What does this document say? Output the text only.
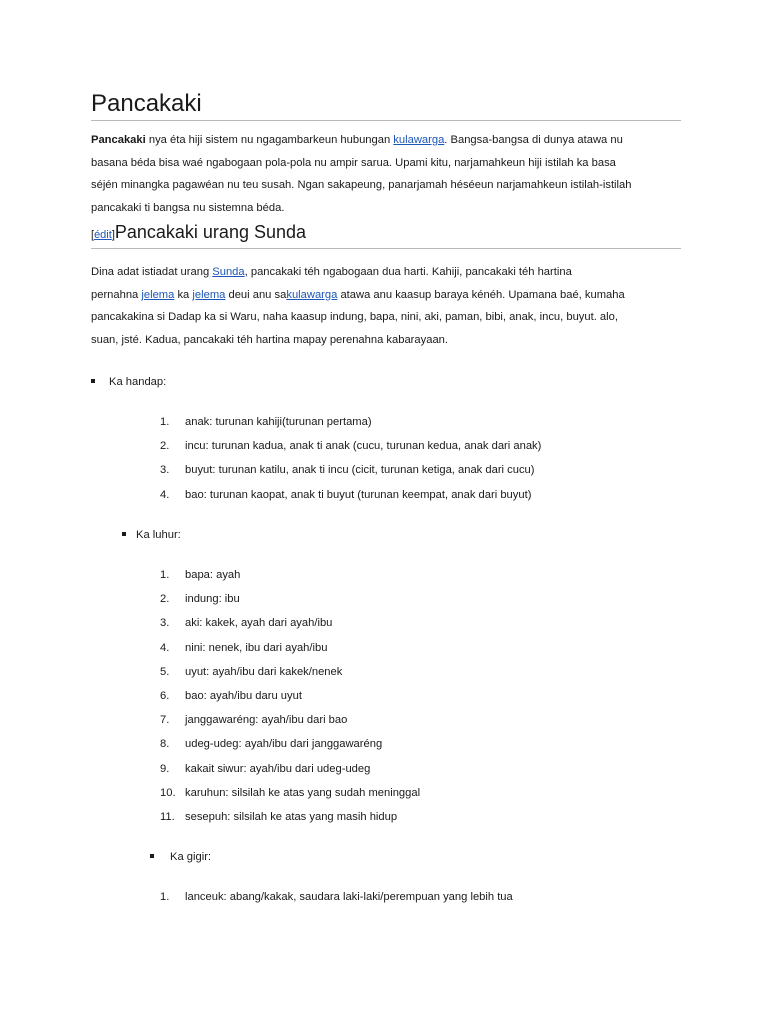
Pancakaki
Pancakaki nya éta hiji sistem nu ngagambarkeun hubungan kulawarga. Bangsa-bangsa di dunya atawa nu
basana béda bisa waé ngabogaan pola-pola nu ampir sarua. Upami kitu, narjamahkeun hiji istilah ka basa
séjén minangka pagawéan nu teu susah. Ngan sakapeung, panarjamah héséeun narjamahkeun istilah-istilah
pancakaki ti bangsa nu sistemna béda.
[édit]Pancakaki urang Sunda
Dina adat istiadat urang Sunda, pancakaki téh ngabogaan dua harti. Kahiji, pancakaki téh hartina
pernahna jelema ka jelema deui anu sakulawarga atawa anu kaasup baraya kénéh. Upamana baé, kumaha
pancakakina si Dadap ka si Waru, naha kaasup indung, bapa, nini, aki, paman, bibi, anak, incu, buyut. alo,
suan, jsté. Kadua, pancakaki téh hartina mapay perenahna kabarayaan.
Ka handap:
1.	anak: turunan kahiji(turunan pertama)
2.	incu: turunan kadua, anak ti anak (cucu, turunan kedua, anak dari anak)
3.	buyut: turunan katilu, anak ti incu (cicit, turunan ketiga, anak dari cucu)
4.	bao: turunan kaopat, anak ti buyut (turunan keempat, anak dari buyut)
Ka luhur:
1.	bapa: ayah
2.	indung: ibu
3.	aki: kakek, ayah dari ayah/ibu
4.	nini: nenek, ibu dari ayah/ibu
5.	uyut: ayah/ibu dari kakek/nenek
6.	bao: ayah/ibu daru uyut
7.	janggawaréng: ayah/ibu dari bao
8.	udeg-udeg: ayah/ibu dari janggawaréng
9.	kakait siwur: ayah/ibu dari udeg-udeg
10. karuhun: silsilah ke atas yang sudah meninggal
11. sesepuh: silsilah ke atas yang masih hidup
Ka gigir:
1.	lanceuk: abang/kakak, saudara laki-laki/perempuan yang lebih tua
